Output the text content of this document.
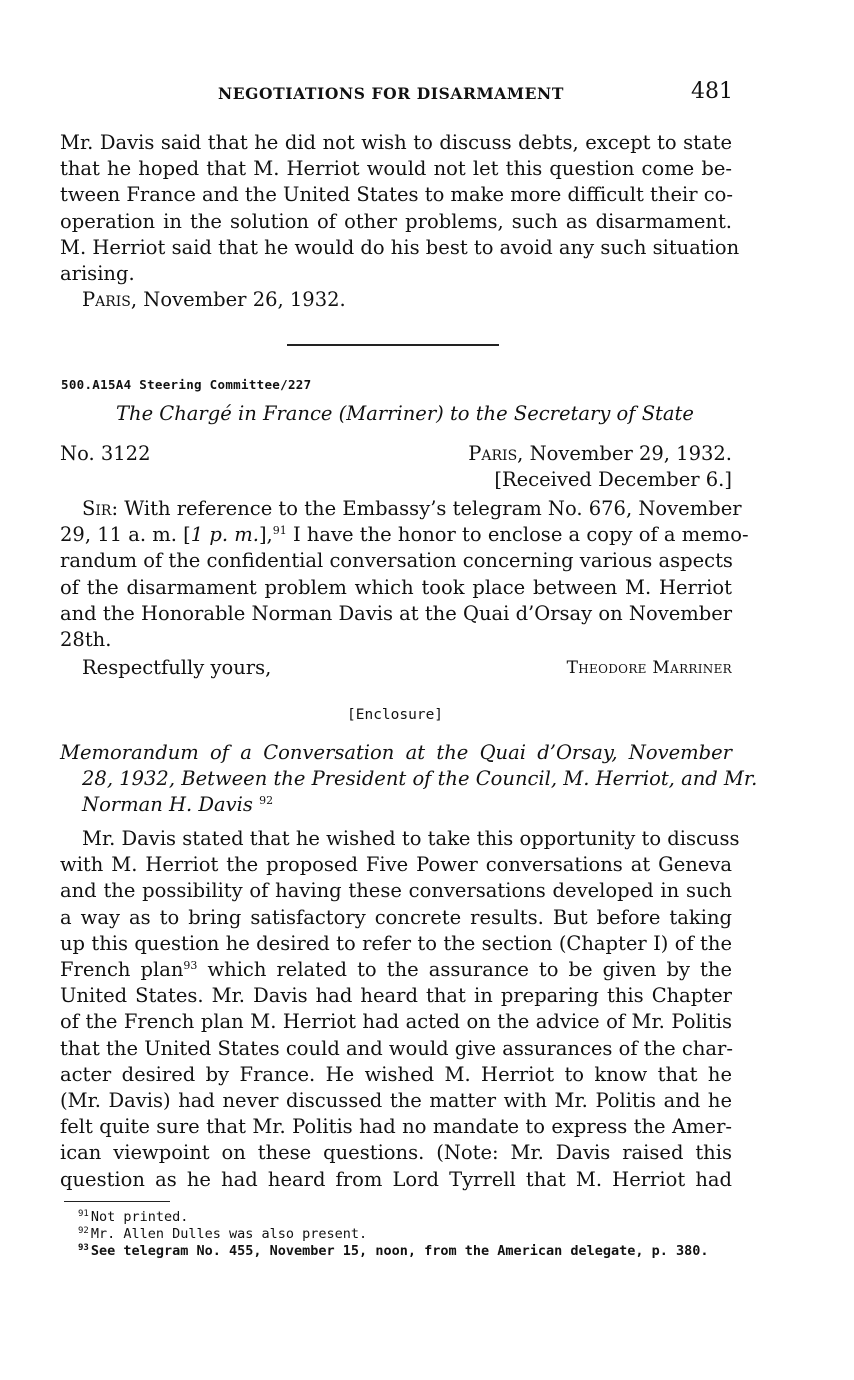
NEGOTIATIONS FOR DISARMAMENT	481
Mr. Davis said that he did not wish to discuss debts, except to state
that he hoped that M. Herriot would not let this question come be-
tween France and the United States to make more difficult their co-
operation in the solution of other problems, such as disarmament.
M. Herriot said that he would do his best to avoid any such situation
arising.
Paris, November 26, 1932.
500.A15A4 Steering Committee/227
The Chargé in France (Marriner) to the Secretary of State
No. 3122	Paris, November 29, 1932.
[Received December 6.]
Sir: With reference to the Embassy’s telegram No. 676, November
29, 11 a. m. [1 p. m.],$^{91}$ I have the honor to enclose a copy of a memo-
randum of the confidential conversation concerning various aspects
of the disarmament problem which took place between M. Herriot
and the Honorable Norman Davis at the Quai d’Orsay on November
28th.
Respectfully yours,	Theodore Marriner
[Enclosure]
Memorandum of a Conversation at the Quai d’Orsay, November
28, 1932, Between the President of the Council, M. Herriot, and Mr.
Norman H. Davis $^{92}$
Mr. Davis stated that he wished to take this opportunity to discuss
with M. Herriot the proposed Five Power conversations at Geneva
and the possibility of having these conversations developed in such
a way as to bring satisfactory concrete results. But before taking
up this question he desired to refer to the section (Chapter I) of the
French plan$^{93}$ which related to the assurance to be given by the
United States. Mr. Davis had heard that in preparing this Chapter
of the French plan M. Herriot had acted on the advice of Mr. Politis
that the United States could and would give assurances of the char-
acter desired by France. He wished M. Herriot to know that he
(Mr. Davis) had never discussed the matter with Mr. Politis and he
felt quite sure that Mr. Politis had no mandate to express the Amer-
ican viewpoint on these questions. (Note: Mr. Davis raised this
question as he had heard from Lord Tyrrell that M. Herriot had
$^{91}$ Not printed.
$^{92}$ Mr. Allen Dulles was also present.
$^{93}$ See telegram No. 455, November 15, noon, from the American delegate, p. 380.
